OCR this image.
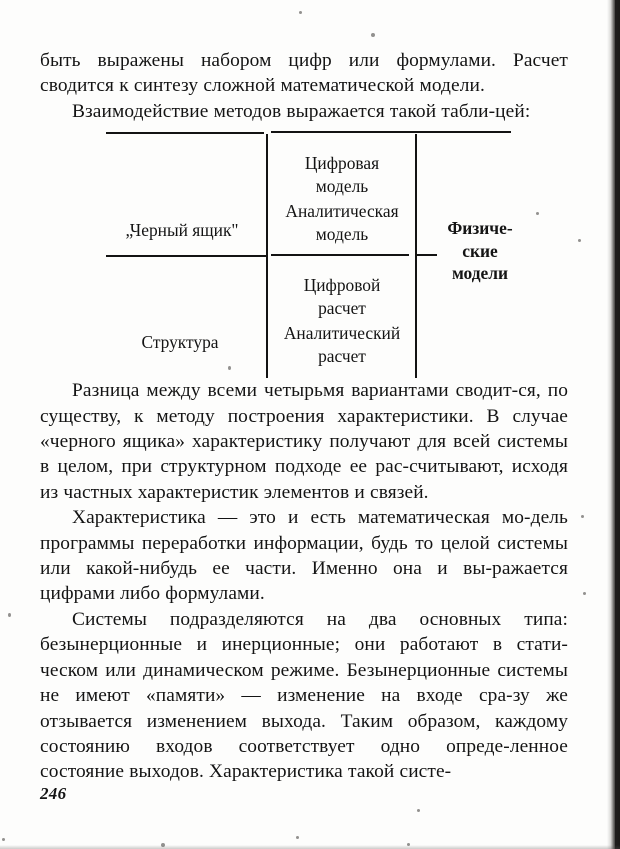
быть выражены набором цифр или формулами. Расчет сводится к синтезу сложной математической модели.

Взаимодействие методов выражается такой табли-цей:

„Черный ящик"
Структура
Цифровая
модель
Аналитическая
модель
Цифровой
расчет
Аналитический
расчет
Физиче-
ские
модели

Разница между всеми четырьмя вариантами сводит-ся, по существу, к методу построения характеристики. В случае «черного ящика» характеристику получают для всей системы в целом, при структурном подходе ее рас-считывают, исходя из частных характеристик элементов и связей.

Характеристика — это и есть математическая мо-дель программы переработки информации, будь то целой системы или какой-нибудь ее части. Именно она и вы-ражается цифрами либо формулами.

Системы подразделяются на два основных типа: безынерционные и инерционные; они работают в стати-ческом или динамическом режиме. Безынерционные системы не имеют «памяти» — изменение на входе сра-зу же отзывается изменением выхода. Таким образом, каждому состоянию входов соответствует одно опреде-ленное состояние выходов. Характеристика такой систе-

246
